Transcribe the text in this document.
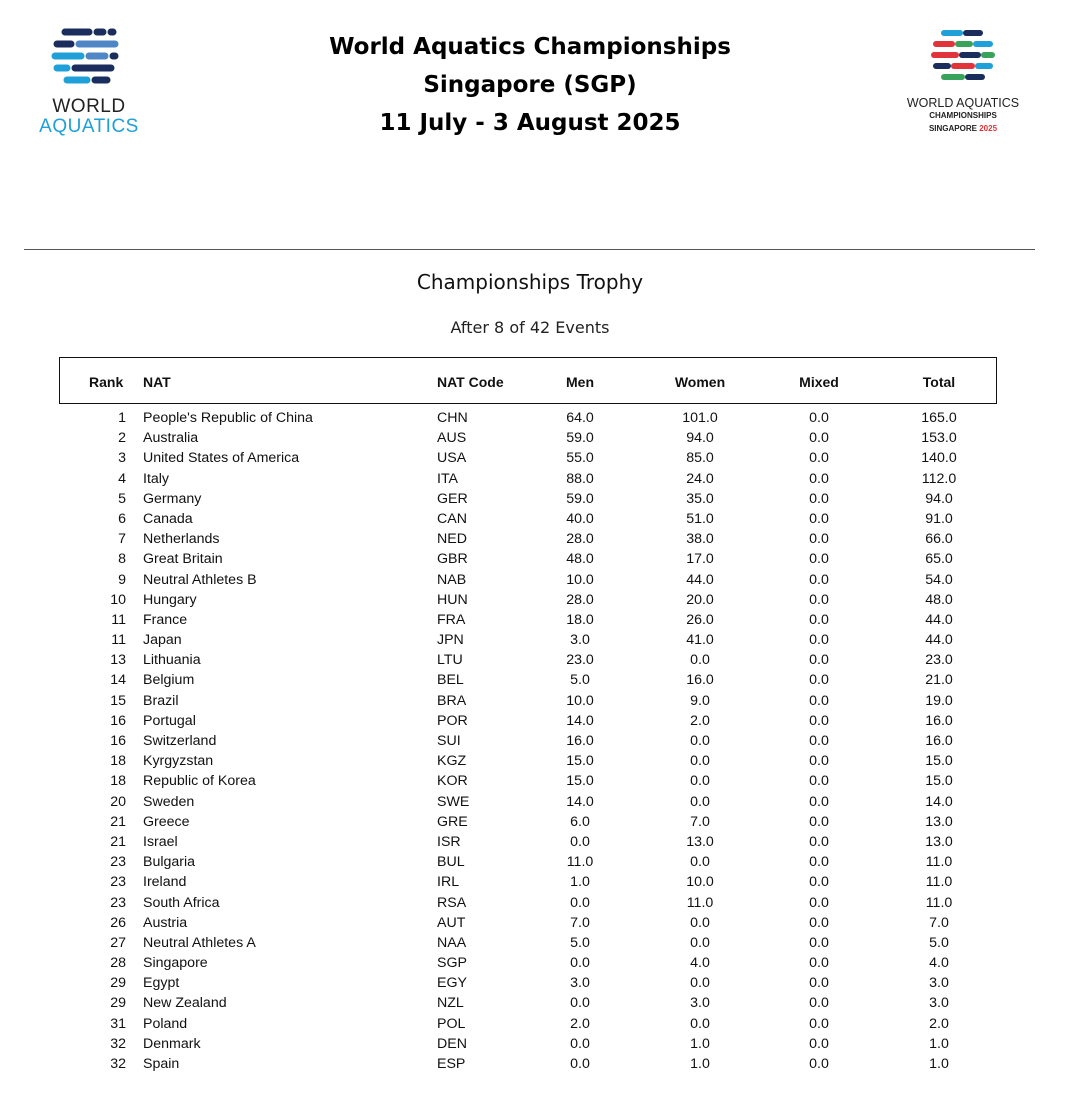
WORLD
AQUATICS
World Aquatics Championships
Singapore (SGP)
11 July - 3 August 2025
WORLD AQUATICS
CHAMPIONSHIPS
SINGAPORE 2025
Championships Trophy
After 8 of 42 Events
Rank NAT	NAT Code	Men	Women	Mixed	Total
1 People's Republic of China	CHN	64.0	101.0	0.0	165.0
2 Australia	AUS	59.0	94.0	0.0	153.0
3 United States of America	USA	55.0	85.0	0.0	140.0
4 Italy	ITA	88.0	24.0	0.0	112.0
5 Germany	GER	59.0	35.0	0.0	94.0
6 Canada	CAN	40.0	51.0	0.0	91.0
7 Netherlands	NED	28.0	38.0	0.0	66.0
8 Great Britain	GBR	48.0	17.0	0.0	65.0
9 Neutral Athletes B	NAB	10.0	44.0	0.0	54.0
10 Hungary	HUN	28.0	20.0	0.0	48.0
11 France	FRA	18.0	26.0	0.0	44.0
11 Japan	JPN	3.0	41.0	0.0	44.0
13 Lithuania	LTU	23.0	0.0	0.0	23.0
14 Belgium	BEL	5.0	16.0	0.0	21.0
15 Brazil	BRA	10.0	9.0	0.0	19.0
16 Portugal	POR	14.0	2.0	0.0	16.0
16 Switzerland	SUI	16.0	0.0	0.0	16.0
18 Kyrgyzstan	KGZ	15.0	0.0	0.0	15.0
18 Republic of Korea	KOR	15.0	0.0	0.0	15.0
20 Sweden	SWE	14.0	0.0	0.0	14.0
21 Greece	GRE	6.0	7.0	0.0	13.0
21 Israel	ISR	0.0	13.0	0.0	13.0
23 Bulgaria	BUL	11.0	0.0	0.0	11.0
23 Ireland	IRL	1.0	10.0	0.0	11.0
23 South Africa	RSA	0.0	11.0	0.0	11.0
26 Austria	AUT	7.0	0.0	0.0	7.0
27 Neutral Athletes A	NAA	5.0	0.0	0.0	5.0
28 Singapore	SGP	0.0	4.0	0.0	4.0
29 Egypt	EGY	3.0	0.0	0.0	3.0
29 New Zealand	NZL	0.0	3.0	0.0	3.0
31 Poland	POL	2.0	0.0	0.0	2.0
32 Denmark	DEN	0.0	1.0	0.0	1.0
32 Spain	ESP	0.0	1.0	0.0	1.0
